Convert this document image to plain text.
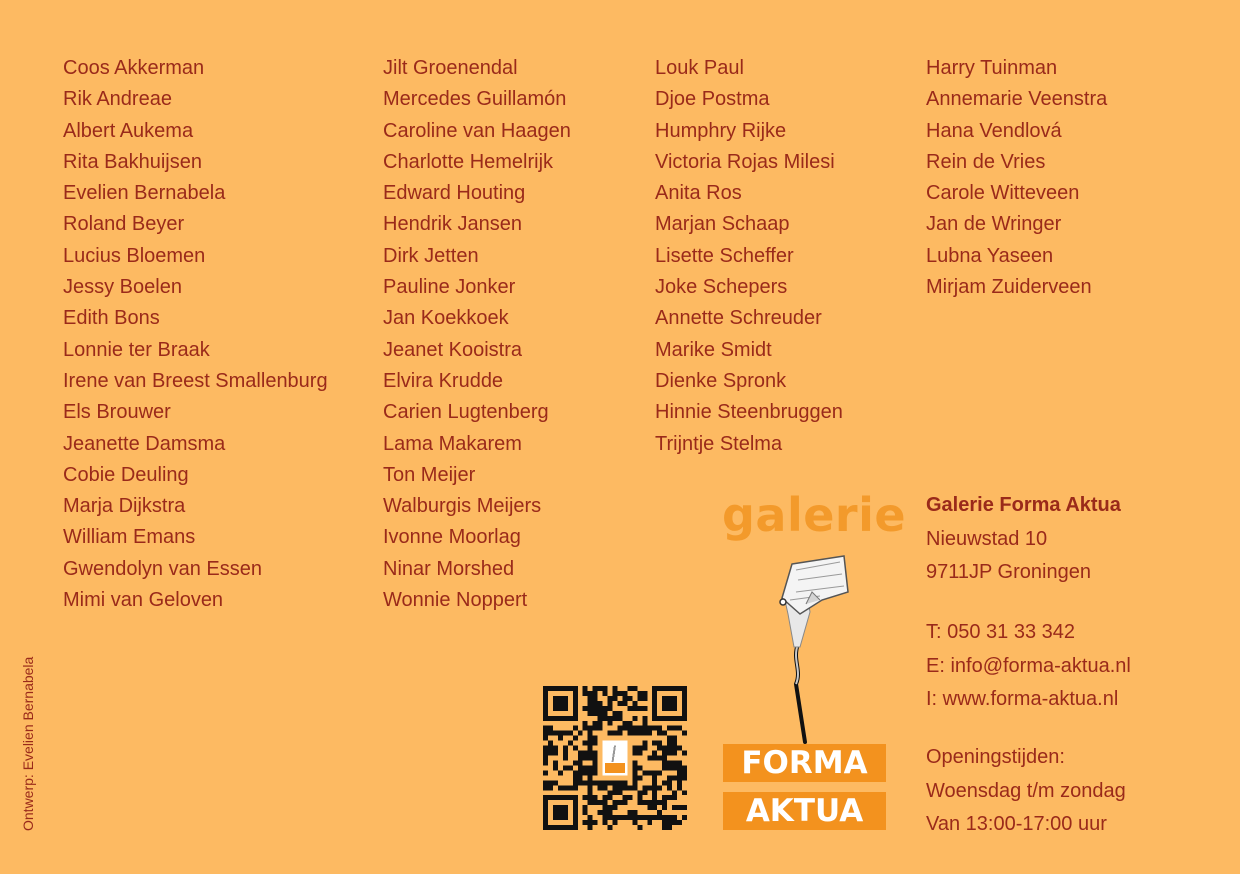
Coos Akkerman
Rik Andreae
Albert Aukema
Rita Bakhuijsen
Evelien Bernabela
Roland Beyer
Lucius Bloemen
Jessy Boelen
Edith Bons
Lonnie ter Braak
Irene van Breest Smallenburg
Els Brouwer
Jeanette Damsma
Cobie Deuling
Marja Dijkstra
William Emans
Gwendolyn van Essen
Mimi van Geloven
Jilt Groenendal
Mercedes Guillamón
Caroline van Haagen
Charlotte Hemelrijk
Edward Houting
Hendrik Jansen
Dirk Jetten
Pauline Jonker
Jan Koekkoek
Jeanet Kooistra
Elvira Krudde
Carien Lugtenberg
Lama Makarem
Ton Meijer
Walburgis Meijers
Ivonne Moorlag
Ninar Morshed
Wonnie Noppert
Louk Paul
Djoe Postma
Humphry Rijke
Victoria Rojas Milesi
Anita Ros
Marjan Schaap
Lisette Scheffer
Joke Schepers
Annette Schreuder
Marike Smidt
Dienke Spronk
Hinnie Steenbruggen
Trijntje Stelma
Harry Tuinman
Annemarie Veenstra
Hana Vendlová
Rein de Vries
Carole Witteveen
Jan de Wringer
Lubna Yaseen
Mirjam Zuiderveen
Galerie Forma Aktua
Nieuwstad 10
9711JP Groningen
T: 050 31 33 342
E: info@forma-aktua.nl
I: www.forma-aktua.nl
Openingstijden:
Woensdag t/m zondag
Van 13:00-17:00 uur
Ontwerp: Evelien Bernabela
galerie
FORMA
AKTUA
